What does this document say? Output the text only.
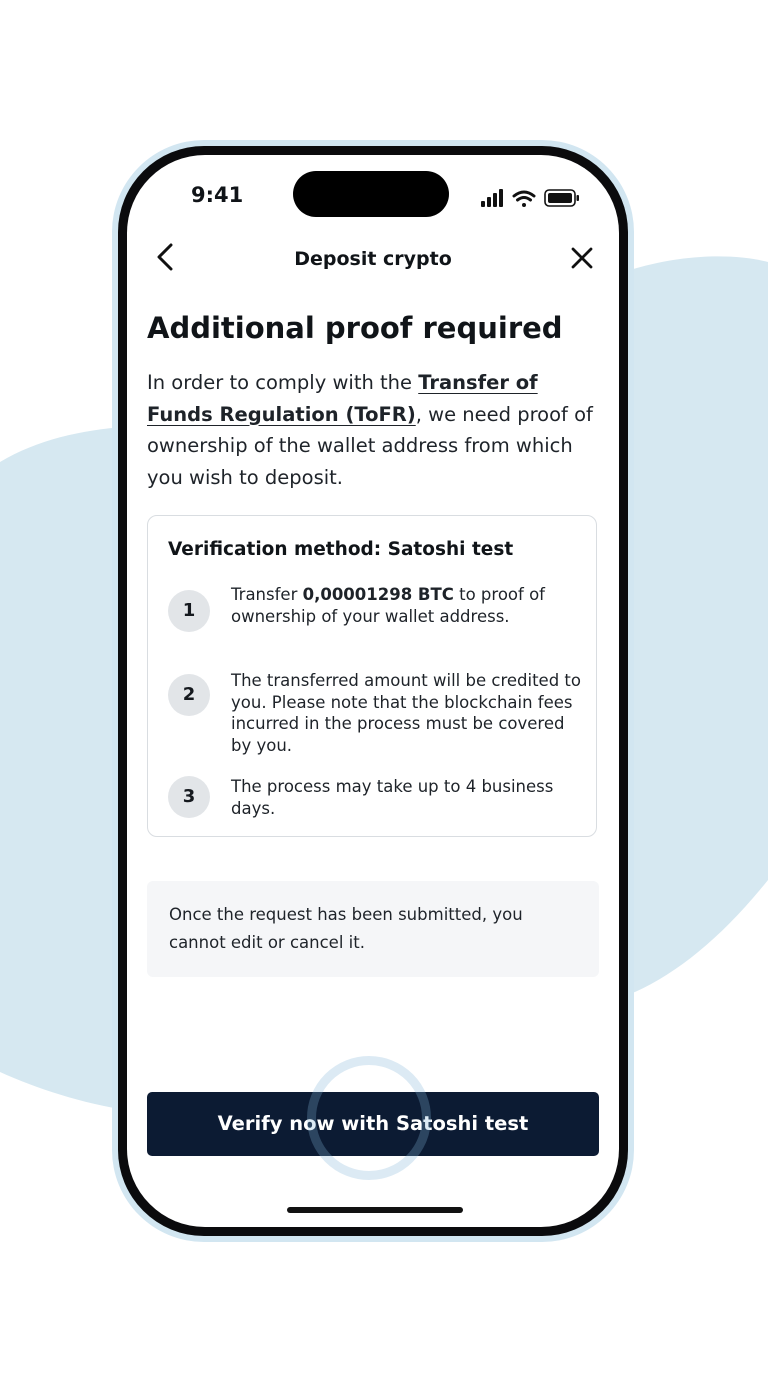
9:41
Deposit crypto
Additional proof required

In order to comply with the Transfer of Funds Regulation (ToFR), we need proof of ownership of the wallet address from which you wish to deposit.

Verification method: Satoshi test
1
Transfer 0,00001298 BTC to proof of ownership of your wallet address.
2
The transferred amount will be credited to you. Please note that the blockchain fees incurred in the process must be covered by you.
3	The process may take up to 4 business days.
Once the request has been submitted, you cannot edit or cancel it.
Verify now with Satoshi test
